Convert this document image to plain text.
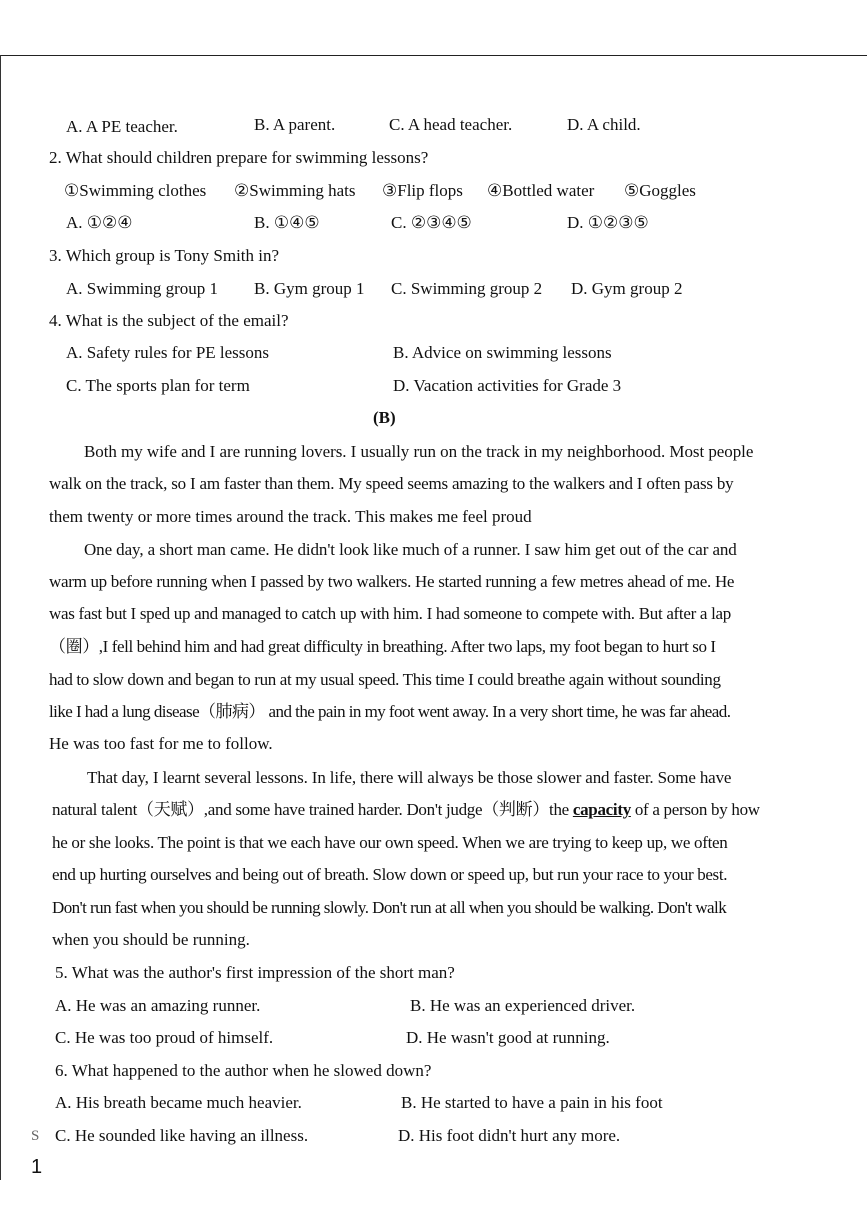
A. A PE teacher.	B. A parent.	C. A head teacher.	D. A child.
2. What should children prepare for swimming lessons?
①Swimming clothes ②Swimming hats ③Flip flops ④Bottled water ⑤Goggles
A. ①②④	B. ①④⑤	C. ②③④⑤	D. ①②③⑤
3. Which group is Tony Smith in?
A. Swimming group 1 B. Gym group 1 C. Swimming group 2 D. Gym group 2
4. What is the subject of the email?
A. Safety rules for PE lessons	B. Advice on swimming lessons
C. The sports plan for term	D. Vacation activities for Grade 3
(B)
Both my wife and I are running lovers. I usually run on the track in my neighborhood. Most people
walk on the track, so I am faster than them. My speed seems amazing to the walkers and I often pass by
them twenty or more times around the track. This makes me feel proud
One day, a short man came. He didn't look like much of a runner. I saw him get out of the car and
warm up before running when I passed by two walkers. He started running a few metres ahead of me. He
was fast but I sped up and managed to catch up with him. I had someone to compete with. But after a lap
（圈）,I fell behind him and had great difficulty in breathing. After two laps, my foot began to hurt so I
had to slow down and began to run at my usual speed. This time I could breathe again without sounding
like I had a lung disease（肺病） and the pain in my foot went away. In a very short time, he was far ahead.
He was too fast for me to follow.
That day, I learnt several lessons. In life, there will always be those slower and faster. Some have
natural talent（天赋）,and some have trained harder. Don't judge（判断）the capacity of a person by how
he or she looks. The point is that we each have our own speed. When we are trying to keep up, we often
end up hurting ourselves and being out of breath. Slow down or speed up, but run your race to your best.
Don't run fast when you should be running slowly. Don't run at all when you should be walking. Don't walk
when you should be running.
5. What was the author's first impression of the short man?
A. He was an amazing runner.	B. He was an experienced driver.
C. He was too proud of himself.	D. He wasn't good at running.
6. What happened to the author when he slowed down?
A. His breath became much heavier.	B. He started to have a pain in his foot
C. He sounded like having an illness.	D. His foot didn't hurt any more.
S
1
